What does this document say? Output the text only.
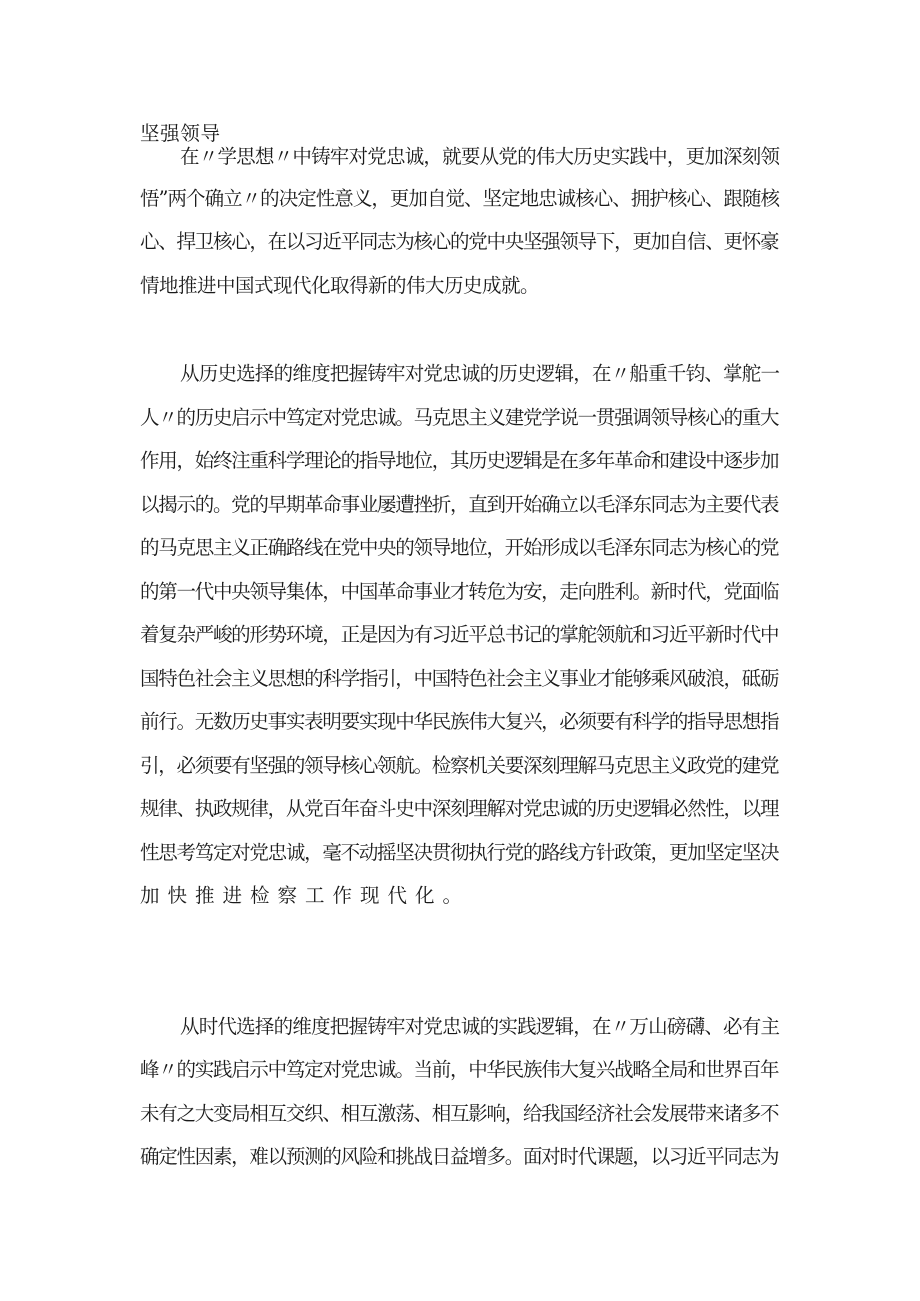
坚强领导
在〃学思想〃中铸牢对党忠诚，就要从党的伟大历史实践中，更加深刻领
悟”两个确立〃的决定性意义，更加自觉、坚定地忠诚核心、拥护核心、跟随核
心、捍卫核心，在以习近平同志为核心的党中央坚强领导下，更加自信、更怀豪
情地推进中国式现代化取得新的伟大历史成就。
从历史选择的维度把握铸牢对党忠诚的历史逻辑，在〃船重千钧、掌舵一
人〃的历史启示中笃定对党忠诚。马克思主义建党学说一贯强调领导核心的重大
作用，始终注重科学理论的指导地位，其历史逻辑是在多年革命和建设中逐步加
以揭示的。党的早期革命事业屡遭挫折，直到开始确立以毛泽东同志为主要代表
的马克思主义正确路线在党中央的领导地位，开始形成以毛泽东同志为核心的党
的第一代中央领导集体，中国革命事业才转危为安，走向胜利。新时代，党面临
着复杂严峻的形势环境，正是因为有习近平总书记的掌舵领航和习近平新时代中
国特色社会主义思想的科学指引，中国特色社会主义事业才能够乘风破浪，砥砺
前行。无数历史事实表明要实现中华民族伟大复兴，必须要有科学的指导思想指
引，必须要有坚强的领导核心领航。检察机关要深刻理解马克思主义政党的建党
规律、执政规律，从党百年奋斗史中深刻理解对党忠诚的历史逻辑必然性，以理
性思考笃定对党忠诚，毫不动摇坚决贯彻执行党的路线方针政策，更加坚定坚决
加快推进检察工作现代化。
从时代选择的维度把握铸牢对党忠诚的实践逻辑，在〃万山磅礴、必有主
峰〃的实践启示中笃定对党忠诚。当前，中华民族伟大复兴战略全局和世界百年
未有之大变局相互交织、相互激荡、相互影响，给我国经济社会发展带来诸多不
确定性因素，难以预测的风险和挑战日益增多。面对时代课题，以习近平同志为
